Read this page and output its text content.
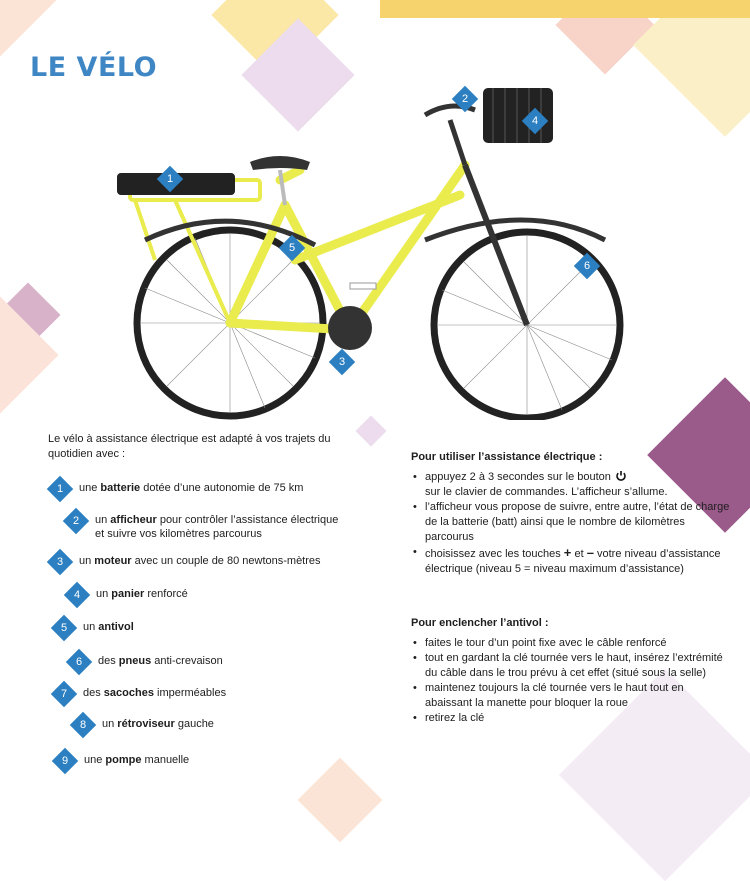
LE VÉLO
1
2
3
4
5
6
Le vélo à assistance électrique est adapté à vos trajets du quotidien avec :
1	une batterie dotée d’une autonomie de 75 km
2	un afficheur pour contrôler l’assistance électrique et suivre vos kilomètres parcourus
3	un moteur avec un couple de 80 newtons-mètres
4	un panier renforcé
5	un antivol
6	des pneus anti-crevaison
7	des sacoches imperméables
8	un rétroviseur gauche
9	une pompe manuelle
Pour utiliser l’assistance électrique :
• appuyez 2 à 3 secondes sur le bouton
sur le clavier de commandes. L’afficheur s’allume.
• l’afficheur vous propose de suivre, entre autre, l’état de charge de la batterie (batt) ainsi que le nombre de kilomètres parcourus
• choisissez avec les touches + et – votre niveau d’assistance électrique (niveau 5 = niveau maximum d’assistance)
Pour enclencher l’antivol :
• faites le tour d’un point fixe avec le câble renforcé
• tout en gardant la clé tournée vers le haut, insérez l’extrémité du câble dans le trou prévu à cet effet (situé sous la selle)
• maintenez toujours la clé tournée vers le haut tout en abaissant la manette pour bloquer la roue
• retirez la clé
